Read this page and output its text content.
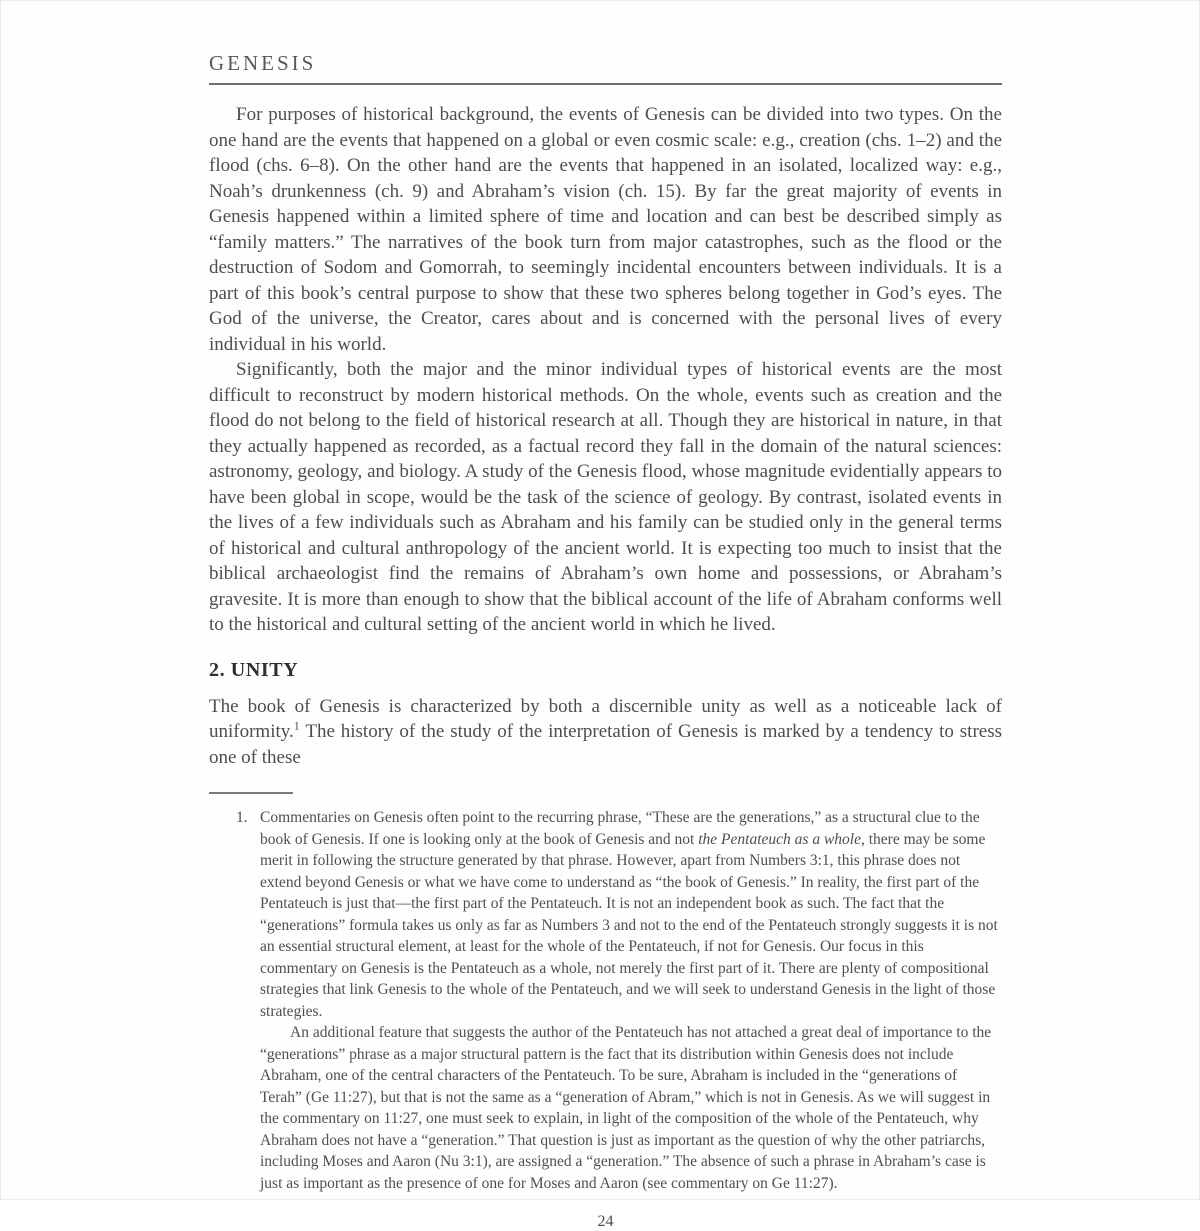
GENESIS

For purposes of historical background, the events of Genesis can be divided into two types. On the one hand are the events that happened on a global or even cosmic scale: e.g., creation (chs. 1–2) and the flood (chs. 6–8). On the other hand are the events that happened in an isolated, localized way: e.g., Noah’s drunkenness (ch. 9) and Abraham’s vision (ch. 15). By far the great majority of events in Genesis happened within a limited sphere of time and location and can best be described simply as “family matters.” The narratives of the book turn from major catastrophes, such as the flood or the destruction of Sodom and Gomorrah, to seemingly incidental encounters between individuals. It is a part of this book’s central purpose to show that these two spheres belong together in God’s eyes. The God of the universe, the Creator, cares about and is concerned with the personal lives of every individual in his world.

Significantly, both the major and the minor individual types of historical events are the most difficult to reconstruct by modern historical methods. On the whole, events such as creation and the flood do not belong to the field of historical research at all. Though they are historical in nature, in that they actually happened as recorded, as a factual record they fall in the domain of the natural sciences: astronomy, geology, and biology. A study of the Genesis flood, whose magnitude evidentially appears to have been global in scope, would be the task of the science of geology. By contrast, isolated events in the lives of a few individuals such as Abraham and his family can be studied only in the general terms of historical and cultural anthropology of the ancient world. It is expecting too much to insist that the biblical archaeologist find the remains of Abraham’s own home and possessions, or Abraham’s gravesite. It is more than enough to show that the biblical account of the life of Abraham conforms well to the historical and cultural setting of the ancient world in which he lived.

2. UNITY

The book of Genesis is characterized by both a discernible unity as well as a noticeable lack of uniformity.$^1$ The history of the study of the interpretation of Genesis is marked by a tendency to stress one of these

1. Commentaries on Genesis often point to the recurring phrase, “These are the generations,” as a structural clue to the book of Genesis. If one is looking only at the book of Genesis and not the Pentateuch as a whole, there may be some merit in following the structure generated by that phrase. However, apart from Numbers 3:1, this phrase does not extend beyond Genesis or what we have come to understand as “the book of Genesis.” In reality, the first part of the Pentateuch is just that—the first part of the Pentateuch. It is not an independent book as such. The fact that the “generations” formula takes us only as far as Numbers 3 and not to the end of the Pentateuch strongly suggests it is not an essential structural element, at least for the whole of the Pentateuch, if not for Genesis. Our focus in this commentary on Genesis is the Pentateuch as a whole, not merely the first part of it. There are plenty of compositional strategies that link Genesis to the whole of the Pentateuch, and we will seek to understand Genesis in the light of those strategies.

An additional feature that suggests the author of the Pentateuch has not attached a great deal of importance to the “generations” phrase as a major structural pattern is the fact that its distribution within Genesis does not include Abraham, one of the central characters of the Pentateuch. To be sure, Abraham is included in the “generations of Terah” (Ge 11:27), but that is not the same as a “generation of Abram,” which is not in Genesis. As we will suggest in the commentary on 11:27, one must seek to explain, in light of the composition of the whole of the Pentateuch, why Abraham does not have a “generation.” That question is just as important as the question of why the other patriarchs, including Moses and Aaron (Nu 3:1), are assigned a “generation.” The absence of such a phrase in Abraham’s case is just as important as the presence of one for Moses and Aaron (see commentary on Ge 11:27).

24
